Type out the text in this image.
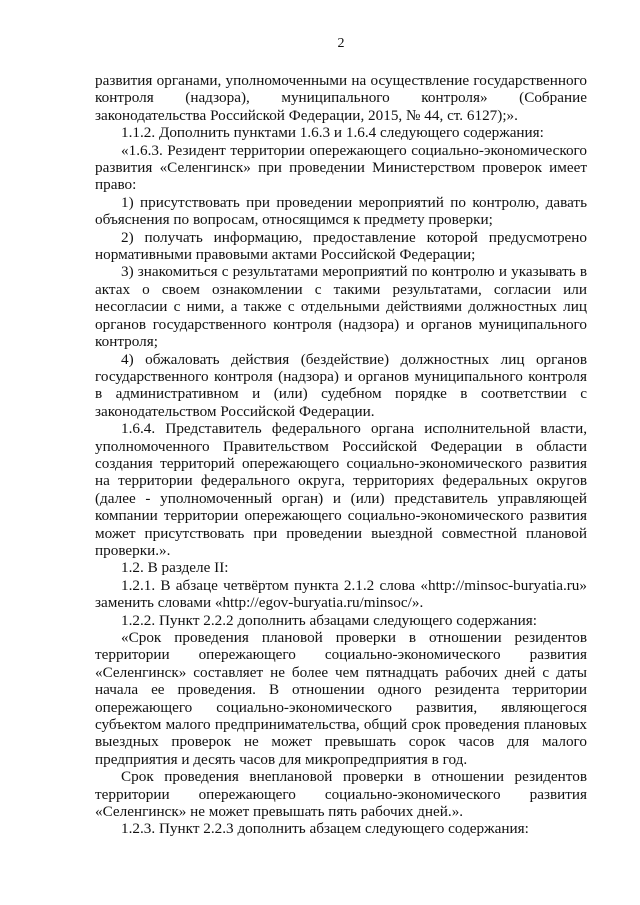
2

развития органами, уполномоченными на осуществление государственного контроля (надзора), муниципального контроля» (Собрание законодательства Российской Федерации, 2015, № 44, ст. 6127);».

1.1.2. Дополнить пунктами 1.6.3 и 1.6.4 следующего содержания:

«1.6.3. Резидент территории опережающего социально-экономического развития «Селенгинск» при проведении Министерством проверок имеет право:

1) присутствовать при проведении мероприятий по контролю, давать объяснения по вопросам, относящимся к предмету проверки;

2) получать информацию, предоставление которой предусмотрено нормативными правовыми актами Российской Федерации;

3) знакомиться с результатами мероприятий по контролю и указывать в актах о своем ознакомлении с такими результатами, согласии или несогласии с ними, а также с отдельными действиями должностных лиц органов государственного контроля (надзора) и органов муниципального контроля;

4) обжаловать действия (бездействие) должностных лиц органов государственного контроля (надзора) и органов муниципального контроля в административном и (или) судебном порядке в соответствии с законодательством Российской Федерации.

1.6.4. Представитель федерального органа исполнительной власти, уполномоченного Правительством Российской Федерации в области создания территорий опережающего социально-экономического развития на территории федерального округа, территориях федеральных округов (далее - уполномоченный орган) и (или) представитель управляющей компании территории опережающего социально-экономического развития может присутствовать при проведении выездной совместной плановой проверки.».

1.2. В разделе II:

1.2.1. В абзаце четвёртом пункта 2.1.2 слова «http://minsoc-buryatia.ru» заменить словами «http://egov-buryatia.ru/minsoc/».

1.2.2. Пункт 2.2.2 дополнить абзацами следующего содержания:

«Срок проведения плановой проверки в отношении резидентов территории опережающего социально-экономического развития «Селенгинск» составляет не более чем пятнадцать рабочих дней с даты начала ее проведения. В отношении одного резидента территории опережающего социально-экономического развития, являющегося субъектом малого предпринимательства, общий срок проведения плановых выездных проверок не может превышать сорок часов для малого предприятия и десять часов для микропредприятия в год.

Срок проведения внеплановой проверки в отношении резидентов территории опережающего социально-экономического развития «Селенгинск» не может превышать пять рабочих дней.».

1.2.3. Пункт 2.2.3 дополнить абзацем следующего содержания:
